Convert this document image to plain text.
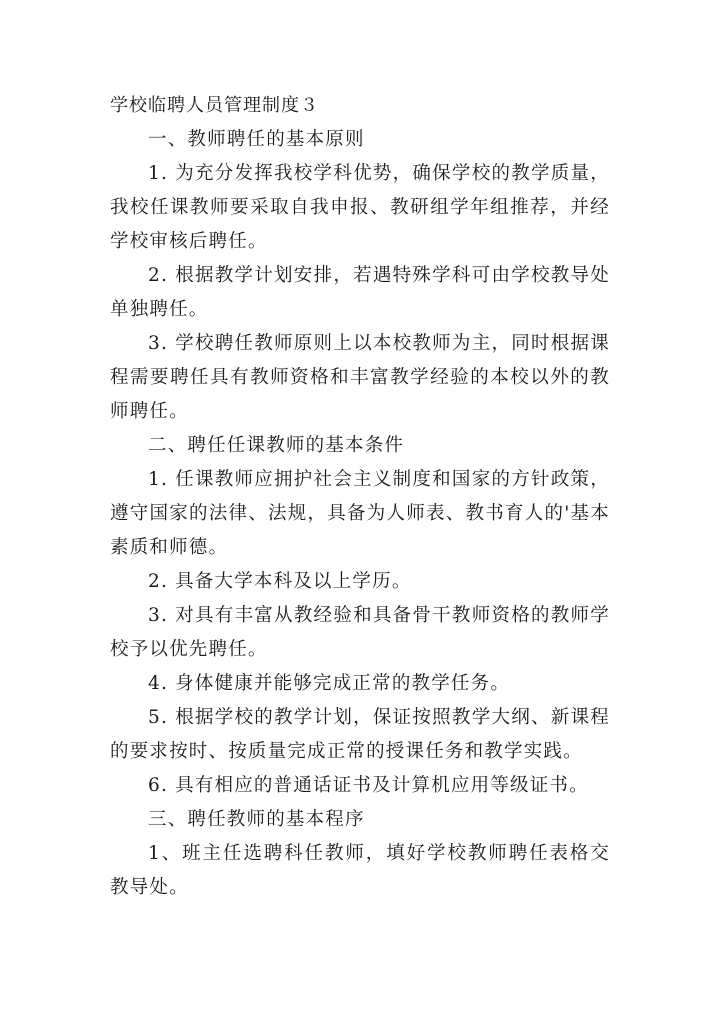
学校临聘人员管理制度３

一、教师聘任的基本原则

1. 为充分发挥我校学科优势，确保学校的教学质量，我校任课教师要采取自我申报、教研组学年组推荐，并经学校审核后聘任。

2. 根据教学计划安排，若遇特殊学科可由学校教导处单独聘任。

3. 学校聘任教师原则上以本校教师为主，同时根据课程需要聘任具有教师资格和丰富教学经验的本校以外的教师聘任。

二、聘任任课教师的基本条件

1. 任课教师应拥护社会主义制度和国家的方针政策，遵守国家的法律、法规，具备为人师表、教书育人的'基本素质和师德。

2. 具备大学本科及以上学历。

3. 对具有丰富从教经验和具备骨干教师资格的教师学校予以优先聘任。

4. 身体健康并能够完成正常的教学任务。

5. 根据学校的教学计划，保证按照教学大纲、新课程的要求按时、按质量完成正常的授课任务和教学实践。

6. 具有相应的普通话证书及计算机应用等级证书。

三、聘任教师的基本程序

1、班主任选聘科任教师，填好学校教师聘任表格交教导处。
